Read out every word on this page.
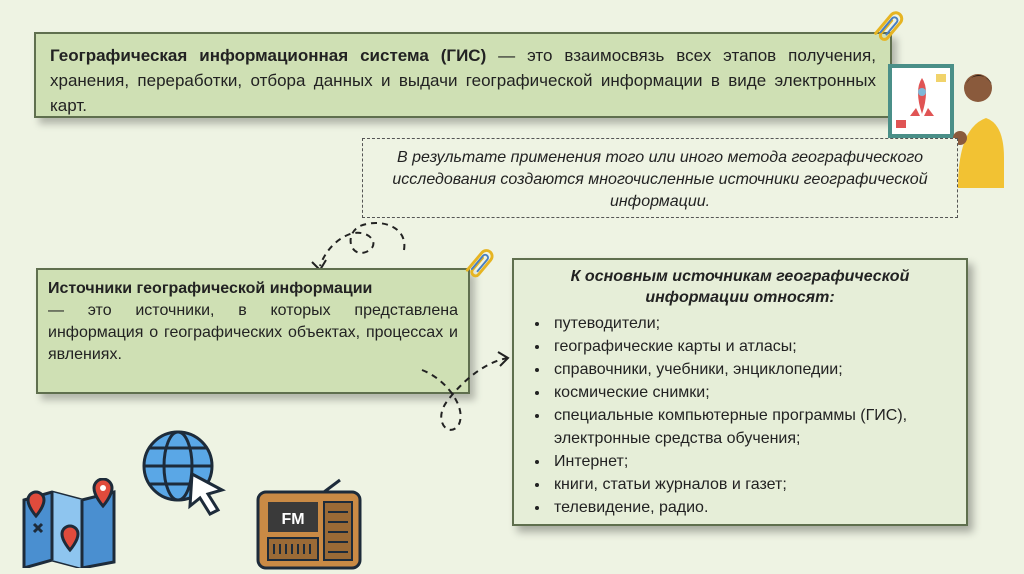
Географическая информационная система (ГИС) — это взаимосвязь всех этапов получения, хранения, переработки, отбора данных и выдачи географической информации в виде электронных карт.
В результате применения того или иного метода географического исследования создаются многочисленные источники географической информации.
Источники географической информации
— это источники, в которых представлена информация о географических объектах, процессах и явлениях.
К основным источникам географической информации относят:
• путеводители;
• географические карты и атласы;
• справочники, учебники, энциклопедии;
• космические снимки;
• специальные компьютерные программы (ГИС), электронные средства обучения;
• Интернет;
• книги, статьи журналов и газет;
• телевидение, радио.
FM
